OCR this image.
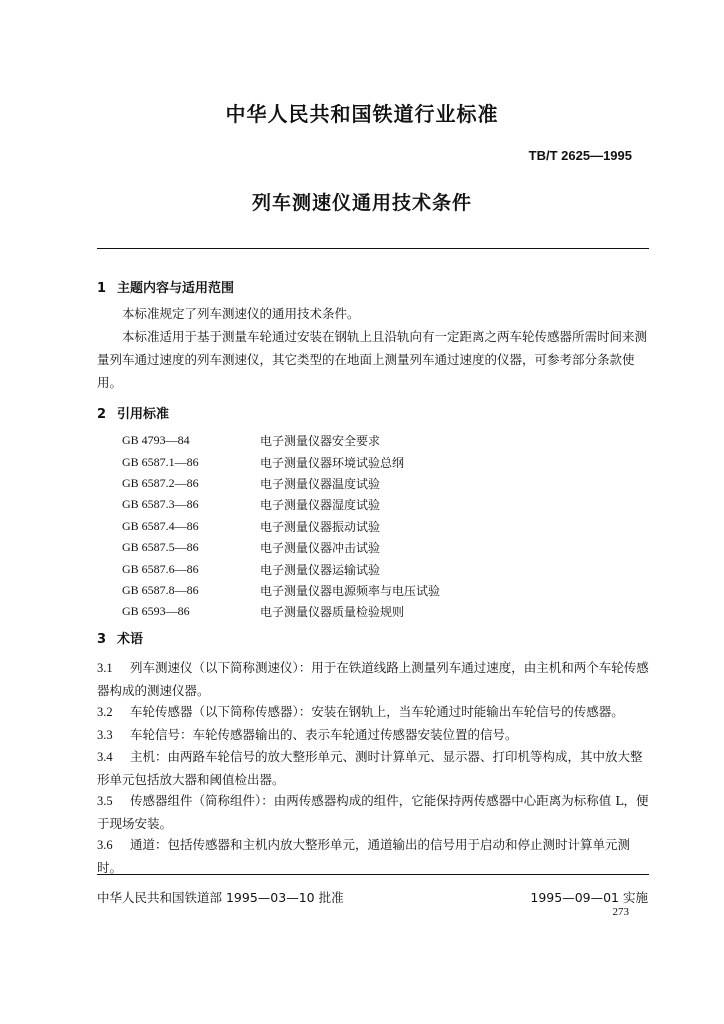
中华人民共和国铁道行业标准
TB/T 2625—1995
列车测速仪通用技术条件
1 主题内容与适用范围
本标准规定了列车测速仪的通用技术条件。
本标准适用于基于测量车轮通过安装在钢轨上且沿轨向有一定距离之两车轮传感器所需时间来测量列车通过速度的列车测速仪，其它类型的在地面上测量列车通过速度的仪器，可参考部分条款使用。
2 引用标准
GB 4793—84	电子测量仪器安全要求
GB 6587.1—86	电子测量仪器环境试验总纲
GB 6587.2—86	电子测量仪器温度试验
GB 6587.3—86	电子测量仪器湿度试验
GB 6587.4—86	电子测量仪器振动试验
GB 6587.5—86	电子测量仪器冲击试验
GB 6587.6—86	电子测量仪器运输试验
GB 6587.8—86	电子测量仪器电源频率与电压试验
GB 6593—86	电子测量仪器质量检验规则
3 术语
3.1 列车测速仪（以下简称测速仪）：用于在铁道线路上测量列车通过速度，由主机和两个车轮传感器构成的测速仪器。
3.2 车轮传感器（以下简称传感器）：安装在钢轨上，当车轮通过时能输出车轮信号的传感器。
3.3 车轮信号：车轮传感器输出的、表示车轮通过传感器安装位置的信号。
3.4 主机：由两路车轮信号的放大整形单元、测时计算单元、显示器、打印机等构成，其中放大整形单元包括放大器和阈值检出器。
3.5 传感器组件（简称组件）：由两传感器构成的组件，它能保持两传感器中心距离为标称值 L，便于现场安装。
3.6 通道：包括传感器和主机内放大整形单元，通道输出的信号用于启动和停止测时计算单元测时。
中华人民共和国铁道部 1995—03—10 批准	1995—09—01 实施
273
